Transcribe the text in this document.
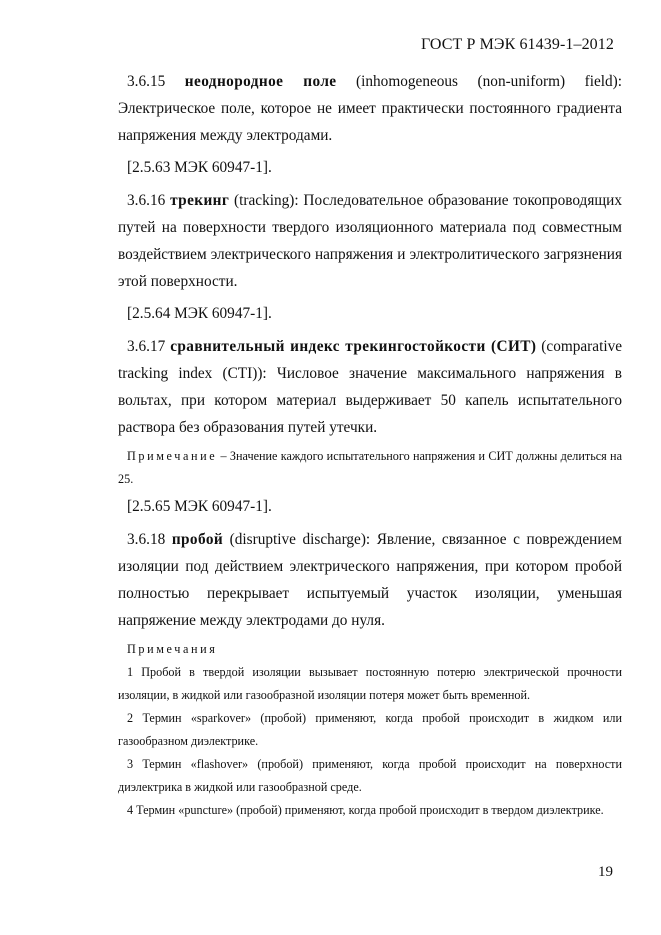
ГОСТ Р МЭК 61439-1–2012

3.6.15 неоднородное поле (inhomogeneous (non-uniform) field): Электрическое поле, которое не имеет практически постоянного градиента напряжения между электродами.

[2.5.63 МЭК 60947-1].

3.6.16 трекинг (tracking): Последовательное образование токопроводящих путей на поверхности твердого изоляционного материала под совместным воздействием электрического напряжения и электролитического загрязнения этой поверхности.

[2.5.64 МЭК 60947-1].

3.6.17 сравнительный индекс трекингостойкости (СИТ) (comparative tracking index (CTI)): Числовое значение максимального напряжения в вольтах, при котором материал выдерживает 50 капель испытательного раствора без образования путей утечки.

Примечание – Значение каждого испытательного напряжения и СИТ должны делиться на 25.

[2.5.65 МЭК 60947-1].

3.6.18 пробой (disruptive discharge): Явление, связанное с повреждением изоляции под действием электрического напряжения, при котором пробой полностью перекрывает испытуемый участок изоляции, уменьшая напряжение между электродами до нуля.

Примечания

1 Пробой в твердой изоляции вызывает постоянную потерю электрической прочности изоляции, в жидкой или газообразной изоляции потеря может быть временной.

2 Термин «sparkover» (пробой) применяют, когда пробой происходит в жидком или газообразном диэлектрике.

3 Термин «flashover» (пробой) применяют, когда пробой происходит на поверхности диэлектрика в жидкой или газообразной среде.

4 Термин «puncture» (пробой) применяют, когда пробой происходит в твердом диэлектрике.

19
